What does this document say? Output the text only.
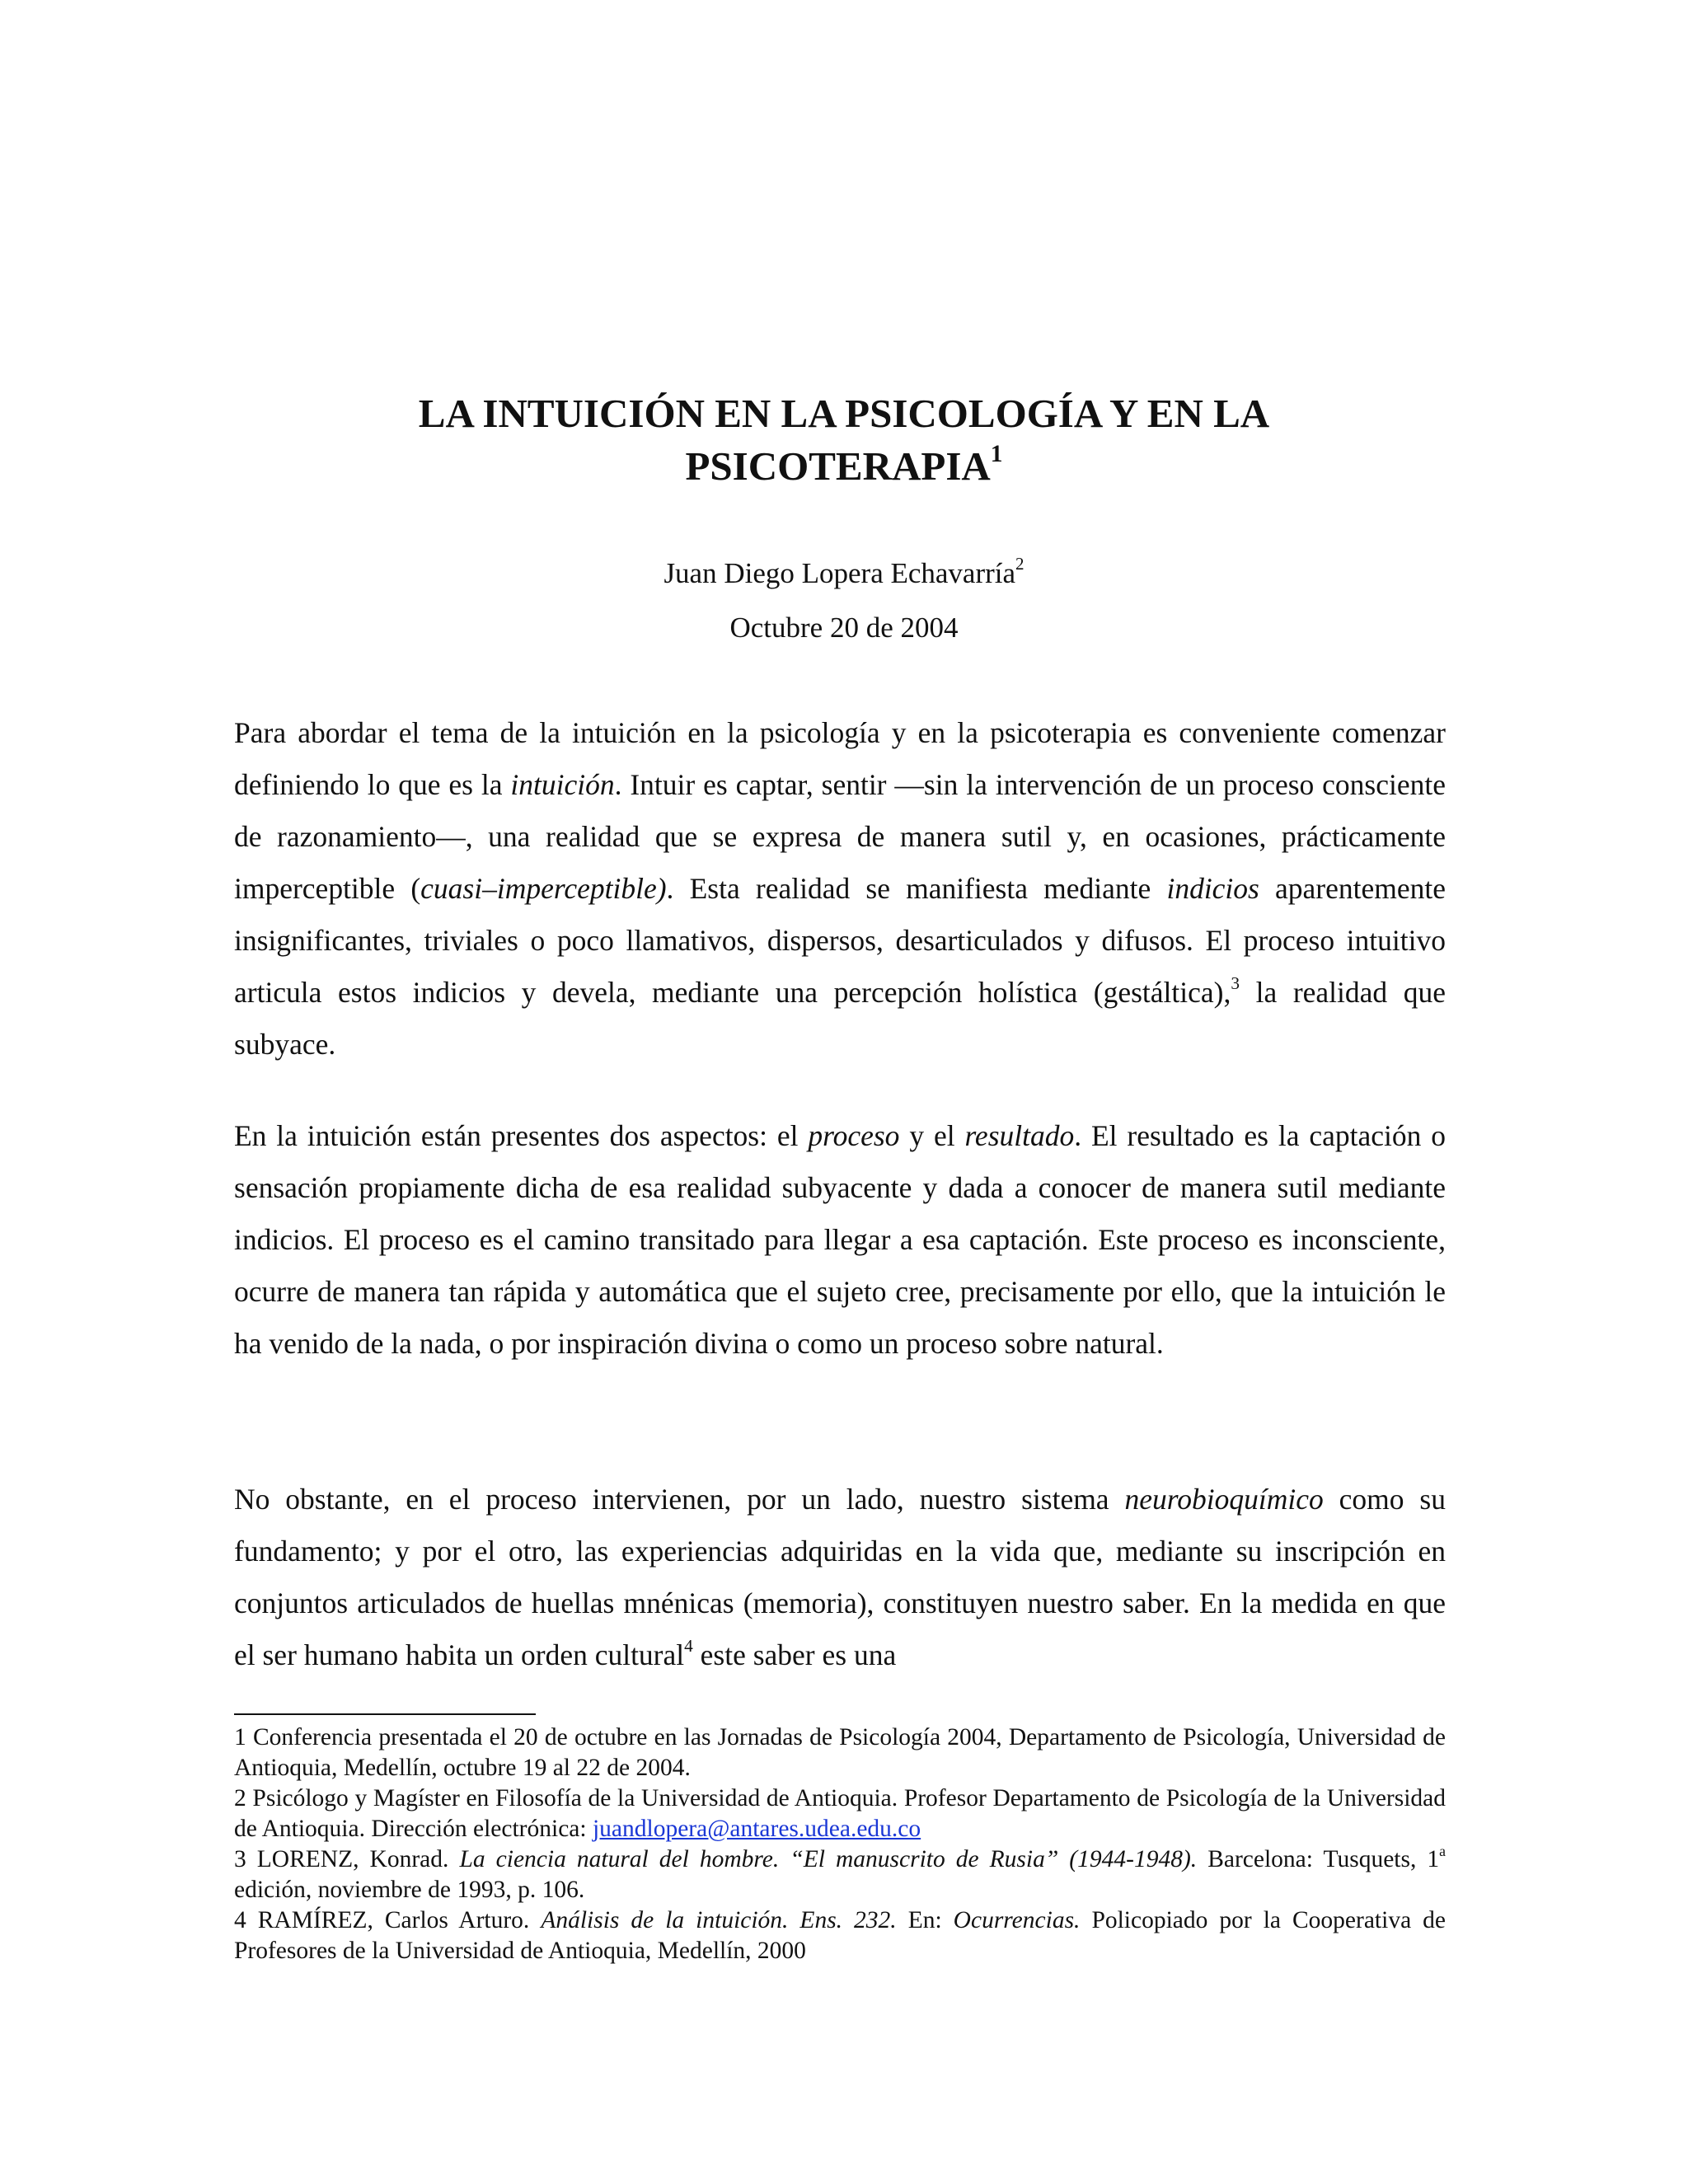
LA INTUICIÓN EN LA PSICOLOGÍA Y EN LA
PSICOTERAPIA$^1$
Juan Diego Lopera Echavarría$^2$
Octubre 20 de 2004

Para abordar el tema de la intuición en la psicología y en la psicoterapia es conveniente comenzar definiendo lo que es la intuición. Intuir es captar, sentir —sin la intervención de un proceso consciente de razonamiento—, una realidad que se expresa de manera sutil y, en ocasiones, prácticamente imperceptible (cuasi–imperceptible). Esta realidad se manifiesta mediante indicios aparentemente insignificantes, triviales o poco llamativos, dispersos, desarticulados y difusos. El proceso intuitivo articula estos indicios y devela, mediante una percepción holística (gestáltica),$^3$ la realidad que subyace.

En la intuición están presentes dos aspectos: el proceso y el resultado. El resultado es la captación o sensación propiamente dicha de esa realidad subyacente y dada a conocer de manera sutil mediante indicios. El proceso es el camino transitado para llegar a esa captación. Este proceso es inconsciente, ocurre de manera tan rápida y automática que el sujeto cree, precisamente por ello, que la intuición le ha venido de la nada, o por inspiración divina o como un proceso sobre natural.

No obstante, en el proceso intervienen, por un lado, nuestro sistema neurobioquímico como su fundamento; y por el otro, las experiencias adquiridas en la vida que, mediante su inscripción en conjuntos articulados de huellas mnénicas (memoria), constituyen nuestro saber. En la medida en que el ser humano habita un orden cultural$^4$ este saber es una

1 Conferencia presentada el 20 de octubre en las Jornadas de Psicología 2004, Departamento de Psicología, Universidad de Antioquia, Medellín, octubre 19 al 22 de 2004.

2 Psicólogo y Magíster en Filosofía de la Universidad de Antioquia. Profesor Departamento de Psicología de la Universidad de Antioquia. Dirección electrónica: juandlopera@antares.udea.edu.co

3 LORENZ, Konrad. La ciencia natural del hombre. “El manuscrito de Rusia” (1944-1948). Barcelona: Tusquets, 1$^a$ edición, noviembre de 1993, p. 106.

4 RAMÍREZ, Carlos Arturo. Análisis de la intuición. Ens. 232. En: Ocurrencias. Policopiado por la Cooperativa de Profesores de la Universidad de Antioquia, Medellín, 2000
